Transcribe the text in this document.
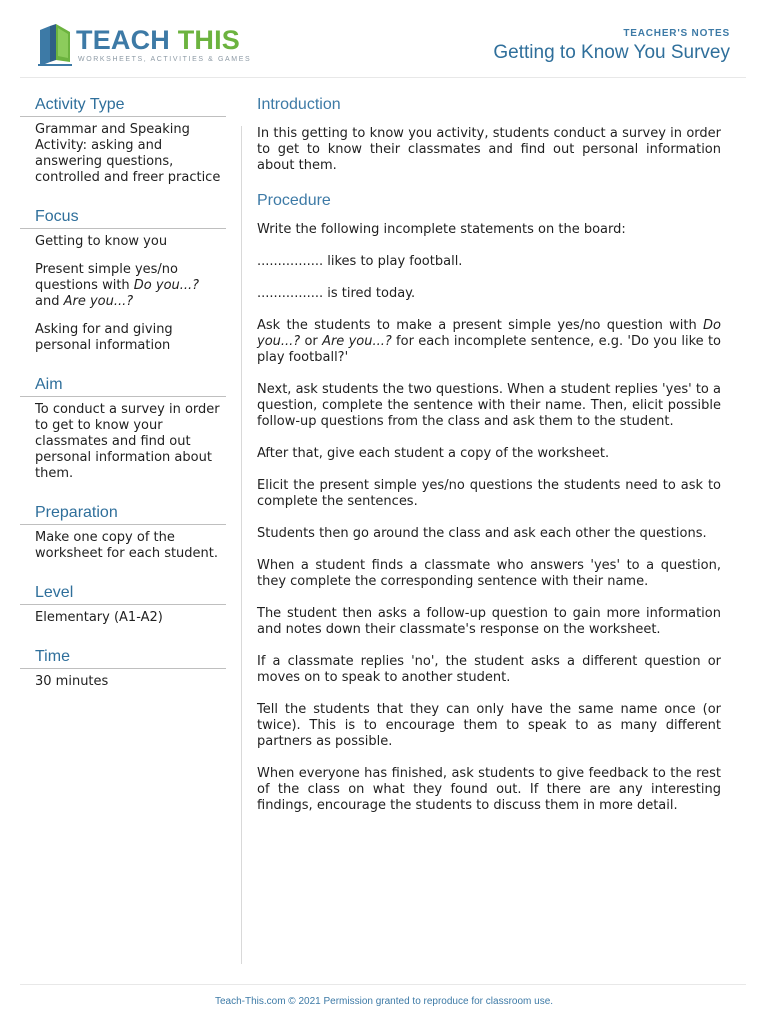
TEACH THIS
WORKSHEETS, ACTIVITIES & GAMES
TEACHER'S NOTES
Getting to Know You Survey
Activity Type

Grammar and Speaking Activity: asking and answering questions, controlled and freer practice

Focus

Getting to know you

Present simple yes/no questions with Do you...? and Are you...?

Asking for and giving personal information

Aim

To conduct a survey in order to get to know your classmates and find out personal information about them.

Preparation

Make one copy of the worksheet for each student.

Level

Elementary (A1-A2)

Time

30 minutes

Introduction

In this getting to know you activity, students conduct a survey in order to get to know their classmates and find out personal information about them.

Procedure

Write the following incomplete statements on the board:

................ likes to play football.

................ is tired today.

Ask the students to make a present simple yes/no question with Do you...? or Are you...? for each incomplete sentence, e.g. 'Do you like to play football?'

Next, ask students the two questions. When a student replies 'yes' to a question, complete the sentence with their name. Then, elicit possible follow-up questions from the class and ask them to the student.

After that, give each student a copy of the worksheet.

Elicit the present simple yes/no questions the students need to ask to complete the sentences.

Students then go around the class and ask each other the questions.

When a student finds a classmate who answers 'yes' to a question, they complete the corresponding sentence with their name.

The student then asks a follow-up question to gain more information and notes down their classmate's response on the worksheet.

If a classmate replies 'no', the student asks a different question or moves on to speak to another student.

Tell the students that they can only have the same name once (or twice). This is to encourage them to speak to as many different partners as possible.

When everyone has finished, ask students to give feedback to the rest of the class on what they found out. If there are any interesting findings, encourage the students to discuss them in more detail.

Teach-This.com © 2021 Permission granted to reproduce for classroom use.
